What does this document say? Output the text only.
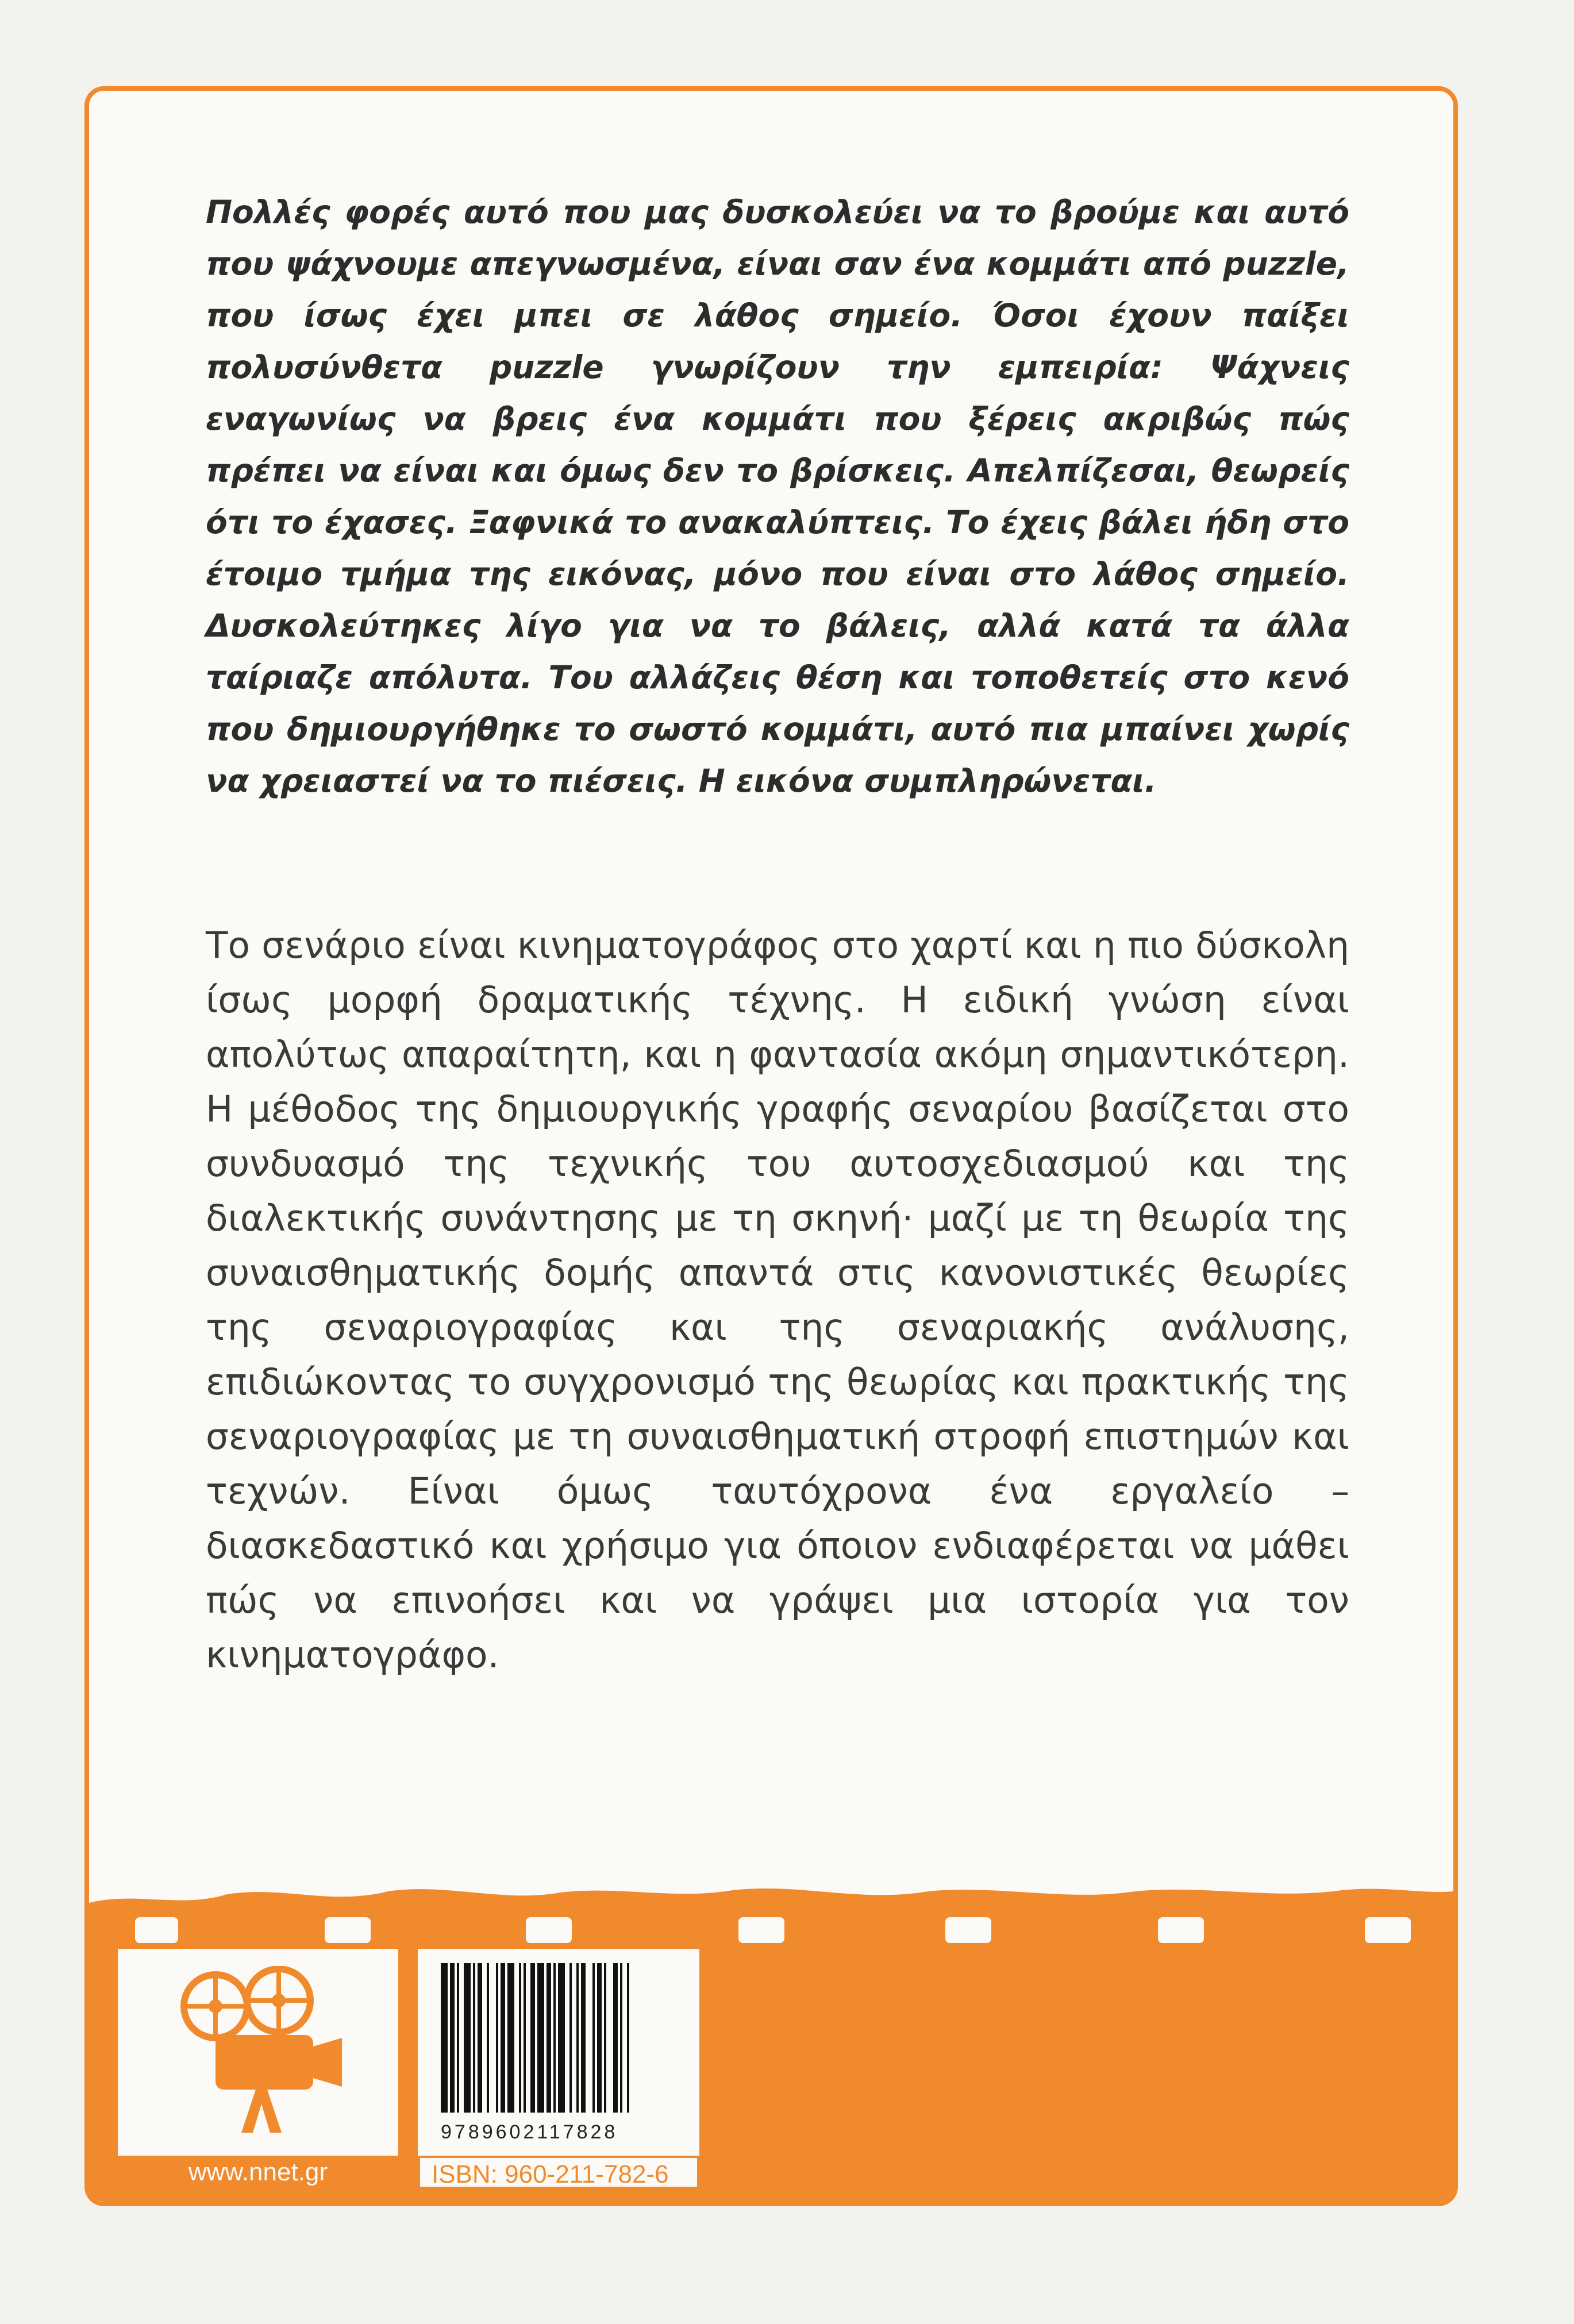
Πολλές φορές αυτό που μας δυσκολεύει να το βρούμε και αυτό που ψάχνουμε απεγνωσμένα, είναι σαν ένα κομμάτι από puzzle, που ίσως έχει μπει σε λάθος σημείο. Όσοι έχουν παίξει πολυσύνθετα puzzle γνωρίζουν την εμπειρία: Ψάχνεις εναγωνίως να βρεις ένα κομμάτι που ξέρεις ακριβώς πώς πρέπει να είναι και όμως δεν το βρίσκεις. Απελπίζεσαι, θεωρείς ότι το έχασες. Ξαφνικά το ανακαλύπτεις. Το έχεις βάλει ήδη στο έτοιμο τμήμα της εικόνας, μόνο που είναι στο λάθος σημείο. Δυσκολεύτηκες λίγο για να το βάλεις, αλλά κατά τα άλλα ταίριαζε απόλυτα. Του αλλάζεις θέση και τοποθετείς στο κενό που δημιουργήθηκε το σωστό κομμάτι, αυτό πια μπαίνει χωρίς να χρειαστεί να το πιέσεις. Η εικόνα συμπληρώνεται.

Το σενάριο είναι κινηματογράφος στο χαρτί και η πιο δύσκολη ίσως μορφή δραματικής τέχνης. Η ειδική γνώση είναι απολύτως απαραίτητη, και η φαντασία ακόμη σημαντικότερη. Η μέθοδος της δημιουργικής γραφής σεναρίου βασίζεται στο συνδυασμό της τεχνικής του αυτοσχεδιασμού και της διαλεκτικής συνάντησης με τη σκηνή· μαζί με τη θεωρία της συναισθηματικής δομής απαντά στις κανονιστικές θεωρίες της σεναριογραφίας και της σεναριακής ανάλυσης, επιδιώκοντας το συγχρονισμό της θεωρίας και πρακτικής της σεναριογραφίας με τη συναισθηματική στροφή επιστημών και τεχνών. Είναι όμως ταυτόχρονα ένα εργαλείο – διασκεδαστικό και χρήσιμο για όποιον ενδιαφέρεται να μάθει πώς να επινοήσει και να γράψει μια ιστορία για τον κινηματογράφο.

www.nnet.gr
9789602117828
ISBN: 960-211-782-6
